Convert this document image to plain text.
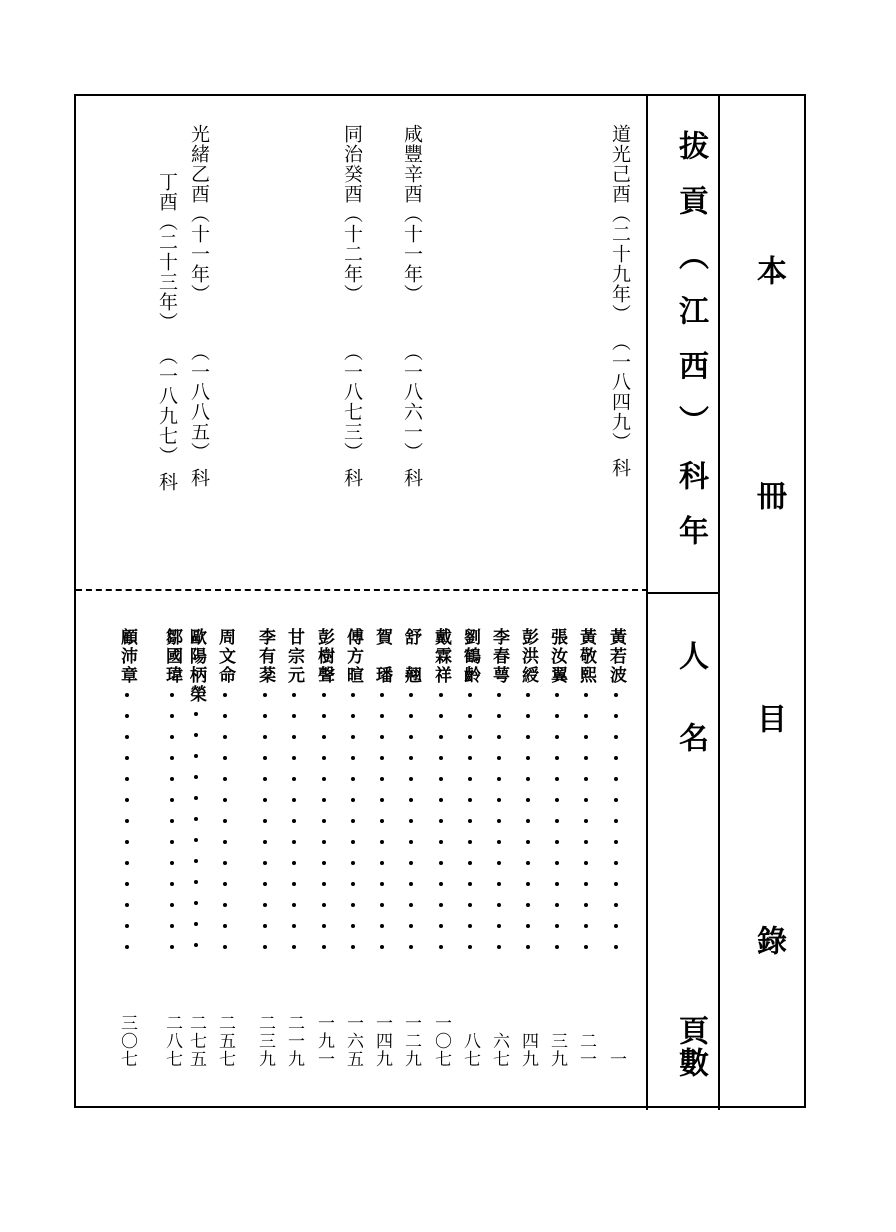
本
冊
目
錄
拔貢︵江西︶科年
人名
頁數
道光己酉︵二十九年︶︵一八四九︶科
咸豐辛酉︵十一年︶︵一八六一︶科
同治癸酉︵十二年︶︵一八七三︶科
光緒乙酉︵十一年︶︵一八八五︶科
丁酉︵二十三年︶︵一八九七︶科
黃若波
一
黃敬熙
二一
張汝翼
三九
彭洪綬
四九
李春萼
六七
劉鶴齡
八七
戴霖祥
一〇七
舒　翹
一二九
賀　璠
一四九
傅方暄
一六五
彭樹聲
一九一
甘宗元
二一九
李有棻
二三九
周文命
二五七
歐陽柄榮
二七五
鄒國瑋
二八七
顧沛章
三〇七
